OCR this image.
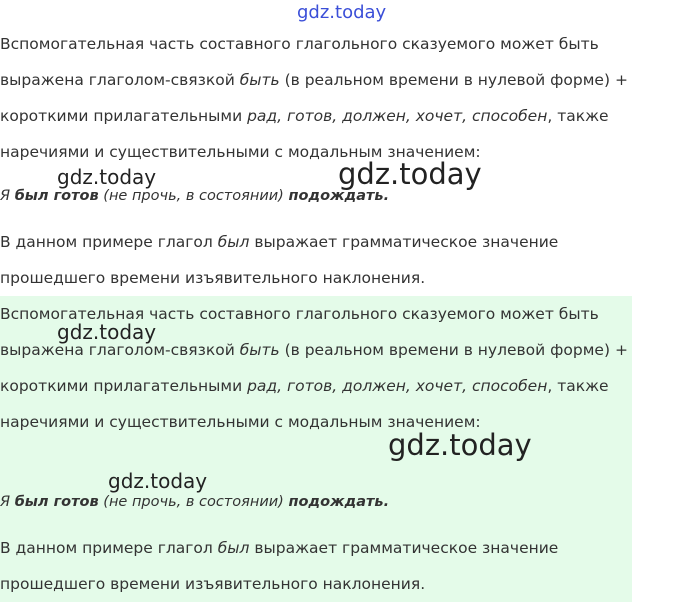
gdz.today

Вспомогательная часть составного глагольного сказуемого может быть выражена глаголом-связкой быть (в реальном времени в нулевой форме) + короткими прилагательными рад, готов, должен, хочет, способен, также наречиями и существительными с модальным значением:

Я был готов (не прочь, в состоянии) подождать.

В данном примере глагол был выражает грамматическое значение прошедшего времени изъявительного наклонения.

Вспомогательная часть составного глагольного сказуемого может быть выражена глаголом-связкой быть (в реальном времени в нулевой форме) + короткими прилагательными рад, готов, должен, хочет, способен, также наречиями и существительными с модальным значением:

Я был готов (не прочь, в состоянии) подождать.

В данном примере глагол был выражает грамматическое значение прошедшего времени изъявительного наклонения.

gdz.today	gdz.today
gdz.today
gdz.today
gdz.today
